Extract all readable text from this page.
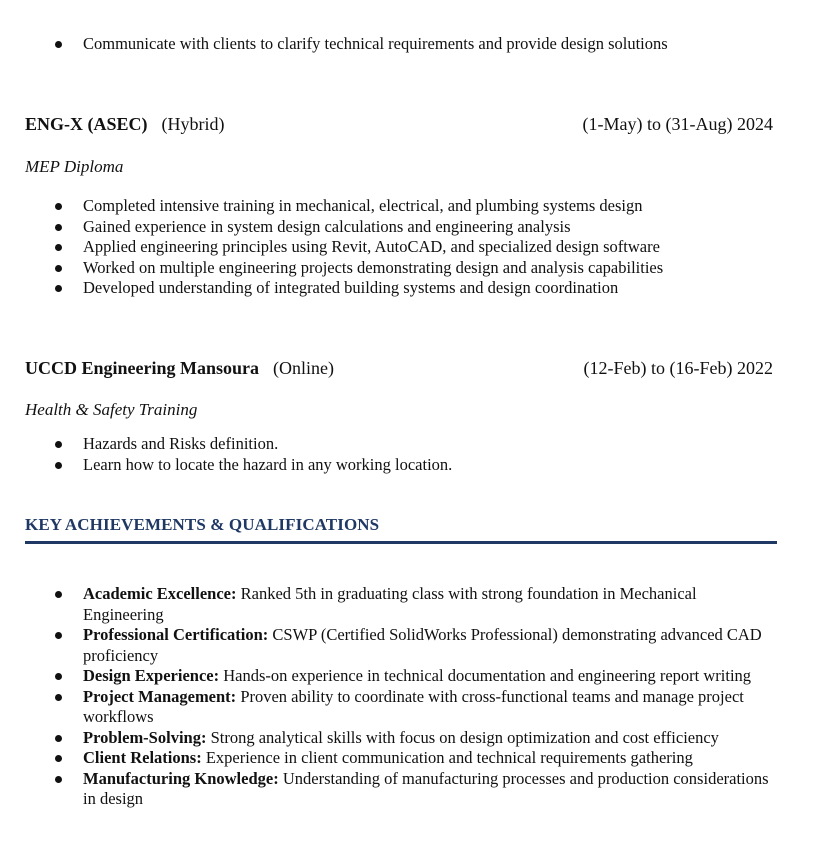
Communicate with clients to clarify technical requirements and provide design solutions
ENG-X (ASEC) (Hybrid)	(1-May) to (31-Aug) 2024
MEP Diploma
Completed intensive training in mechanical, electrical, and plumbing systems design
Gained experience in system design calculations and engineering analysis
Applied engineering principles using Revit, AutoCAD, and specialized design software
Worked on multiple engineering projects demonstrating design and analysis capabilities
Developed understanding of integrated building systems and design coordination
UCCD Engineering Mansoura (Online)	(12-Feb) to (16-Feb) 2022
Health & Safety Training
Hazards and Risks definition.
Learn how to locate the hazard in any working location.
KEY ACHIEVEMENTS & QUALIFICATIONS
Academic Excellence: Ranked 5th in graduating class with strong foundation in Mechanical Engineering
Professional Certification: CSWP (Certified SolidWorks Professional) demonstrating advanced CAD proficiency
Design Experience: Hands-on experience in technical documentation and engineering report writing
Project Management: Proven ability to coordinate with cross-functional teams and manage project workflows
Problem-Solving: Strong analytical skills with focus on design optimization and cost efficiency
Client Relations: Experience in client communication and technical requirements gathering
Manufacturing Knowledge: Understanding of manufacturing processes and production considerations in design
